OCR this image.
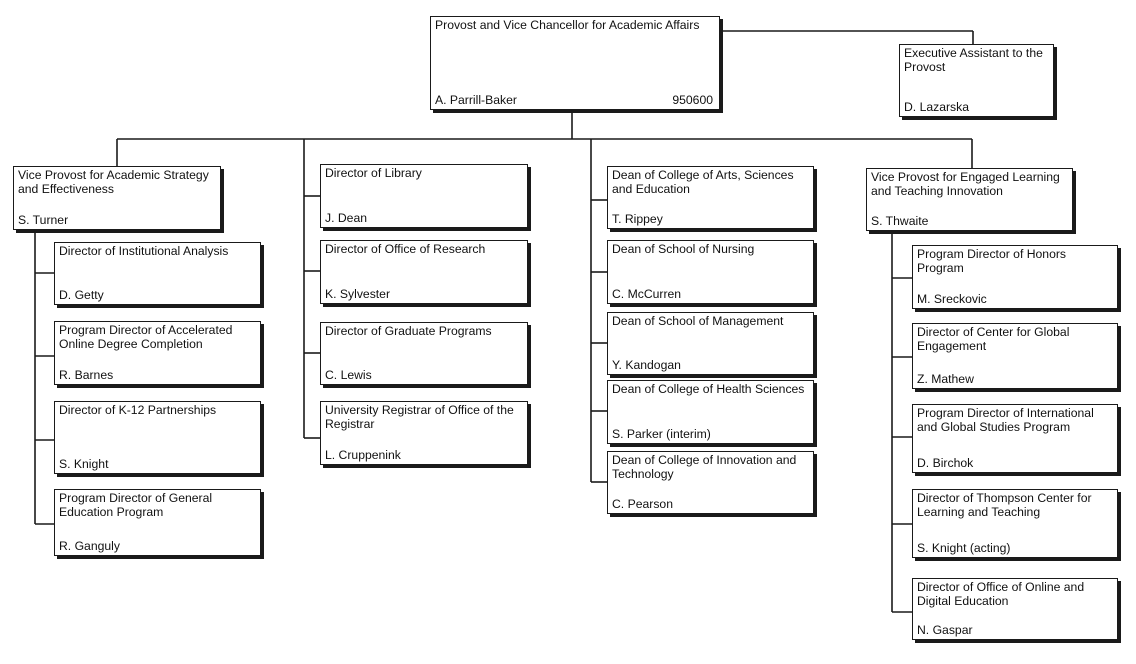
Provost and Vice Chancellor for Academic Affairs
A. Parrill-Baker	950600
Executive Assistant to the Provost
D. Lazarska
Vice Provost for Academic Strategy and Effectiveness
S. Turner
Director of Institutional Analysis
D. Getty
Program Director of Accelerated Online Degree Completion
R. Barnes
Director of K-12 Partnerships
S. Knight
Program Director of General Education Program
R. Ganguly
Director of Library
J. Dean
Director of Office of Research
K. Sylvester
Director of Graduate Programs
C. Lewis
University Registrar of Office of the Registrar
L. Cruppenink
Dean of College of Arts, Sciences and Education
T. Rippey
Dean of School of Nursing
C. McCurren
Dean of School of Management
Y. Kandogan
Dean of College of Health Sciences
S. Parker (interim)
Dean of College of Innovation and Technology
C. Pearson
Vice Provost for Engaged Learning and Teaching Innovation
S. Thwaite
Program Director of Honors Program
M. Sreckovic
Director of Center for Global Engagement
Z. Mathew
Program Director of International and Global Studies Program
D. Birchok
Director of Thompson Center for Learning and Teaching
S. Knight (acting)
Director of Office of Online and Digital Education
N. Gaspar
